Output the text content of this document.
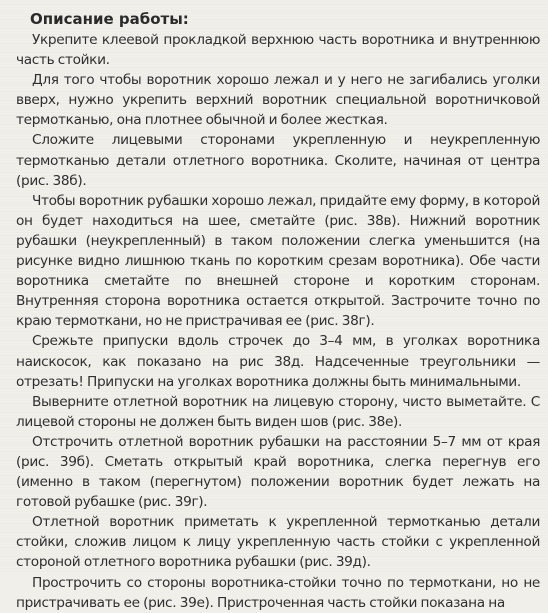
Описание работы:

Укрепите клеевой прокладкой верхнюю часть воротника и внутреннюю часть стойки.

Для того чтобы воротник хорошо лежал и у него не загибались уголки вверх, нужно укрепить верхний воротник специальной воротничковой термотканью, она плотнее обычной и более жесткая.

Сложите лицевыми сторонами укрепленную и неукрепленную термотканью детали отлетного воротника. Сколите, начиная от центра (рис. 38б).

Чтобы воротник рубашки хорошо лежал, придайте ему форму, в которой он будет находиться на шее, сметайте (рис. 38в). Нижний воротник рубашки (неукрепленный) в таком положении слегка уменьшится (на рисунке видно лишнюю ткань по коротким срезам воротника). Обе части воротника сметайте по внешней стороне и коротким сторонам. Внутренняя сторона воротника остается открытой. Застрочите точно по краю термоткани, но не пристрачивая ее (рис. 38г).

Срежьте припуски вдоль строчек до 3–4 мм, в уголках воротника наискосок, как показано на рис 38д. Надсеченные треугольники — отрезать! Припуски на уголках воротника должны быть минимальными.

Выверните отлетной воротник на лицевую сторону, чисто выметайте. С лицевой стороны не должен быть виден шов (рис. 38е).

Отстрочить отлетной воротник рубашки на расстоянии 5–7 мм от края (рис. 39б). Сметать открытый край воротника, слегка перегнув его (именно в таком (перегнутом) положении воротник будет лежать на готовой рубашке (рис. 39г).

Отлетной воротник приметать к укрепленной термотканью детали стойки, сложив лицом к лицу укрепленную часть стойки с укрепленной стороной отлетного воротника рубашки (рис. 39д).

Прострочить со стороны воротника-стойки точно по термоткани, но не пристрачивать ее (рис. 39е). Пристроченная часть стойки показана на
